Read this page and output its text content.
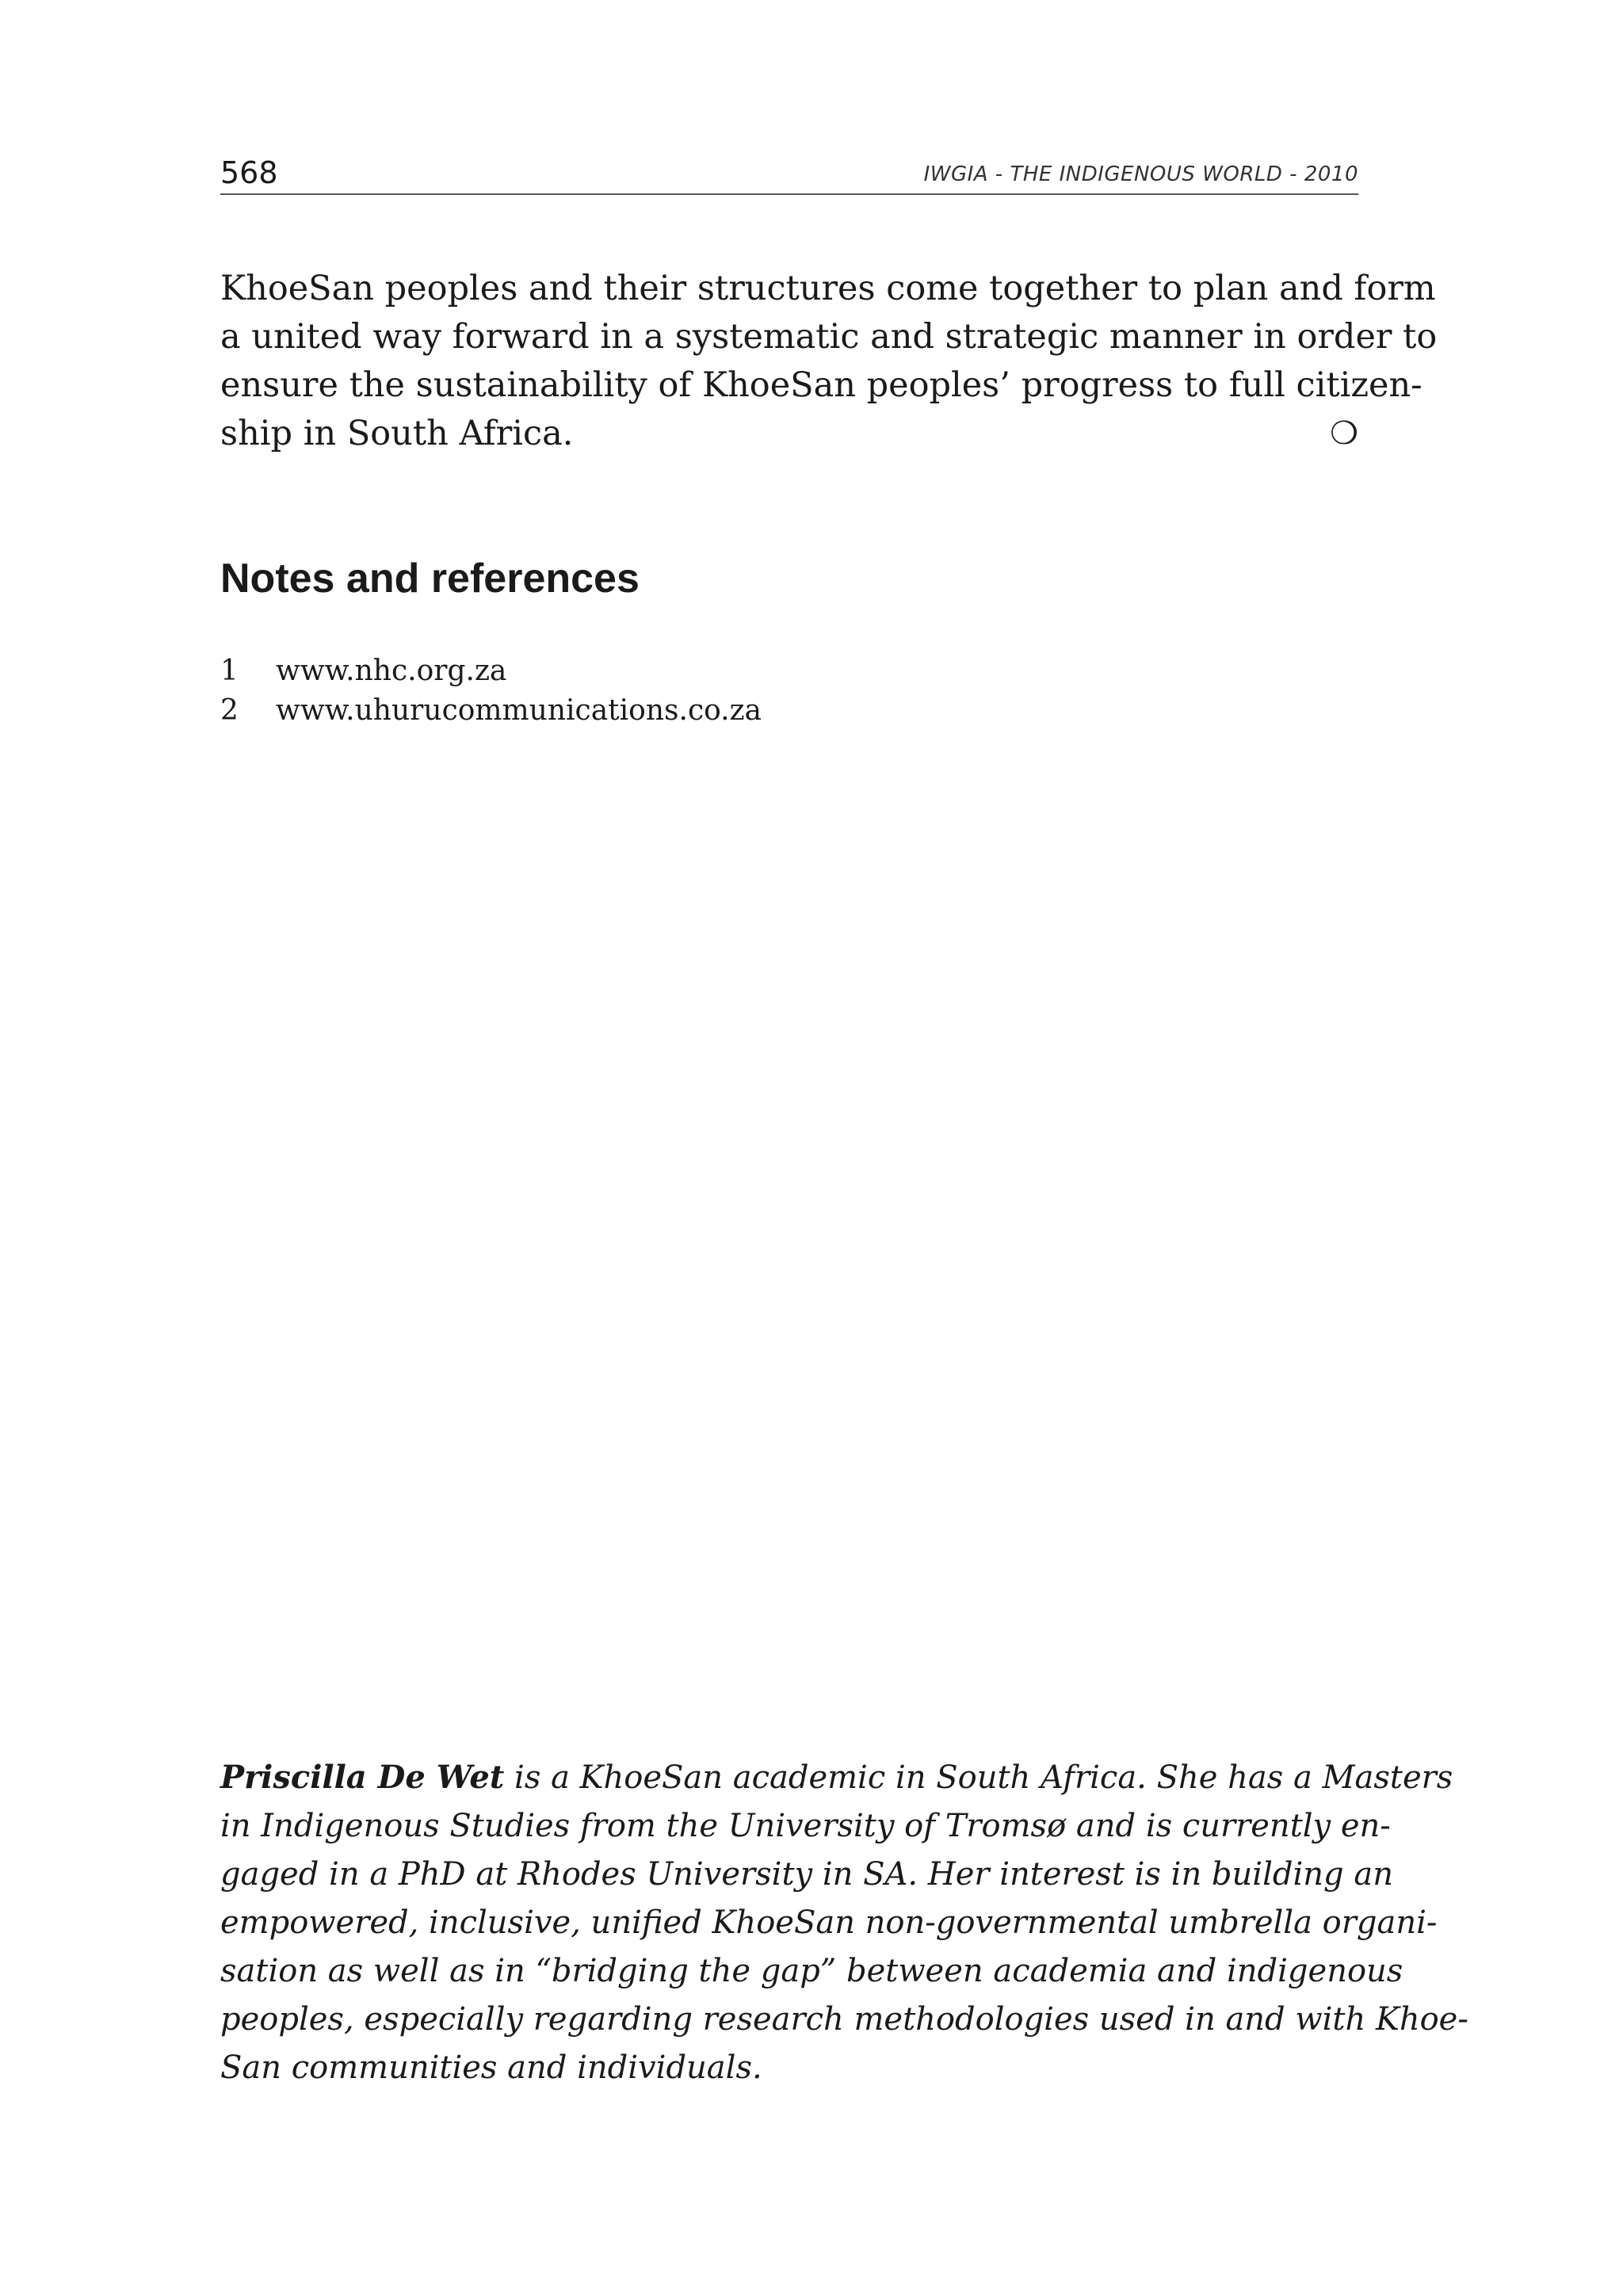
568	IWGIA - THE INDIGENOUS WORLD - 2010

KhoeSan peoples and their structures come together to plan and form
a united way forward in a systematic and strategic manner in order to
ensure the sustainability of KhoeSan peoples’ progress to full citizen-
ship in South Africa.	❍

Notes and references
1	www.nhc.org.za
2	www.uhurucommunications.co.za

Priscilla De Wet is a KhoeSan academic in South Africa. She has a Masters
in Indigenous Studies from the University of Tromsø and is currently en-
gaged in a PhD at Rhodes University in SA. Her interest is in building an
empowered, inclusive, unified KhoeSan non-governmental umbrella organi-
sation as well as in “bridging the gap” between academia and indigenous
peoples, especially regarding research methodologies used in and with Khoe-
San communities and individuals.
